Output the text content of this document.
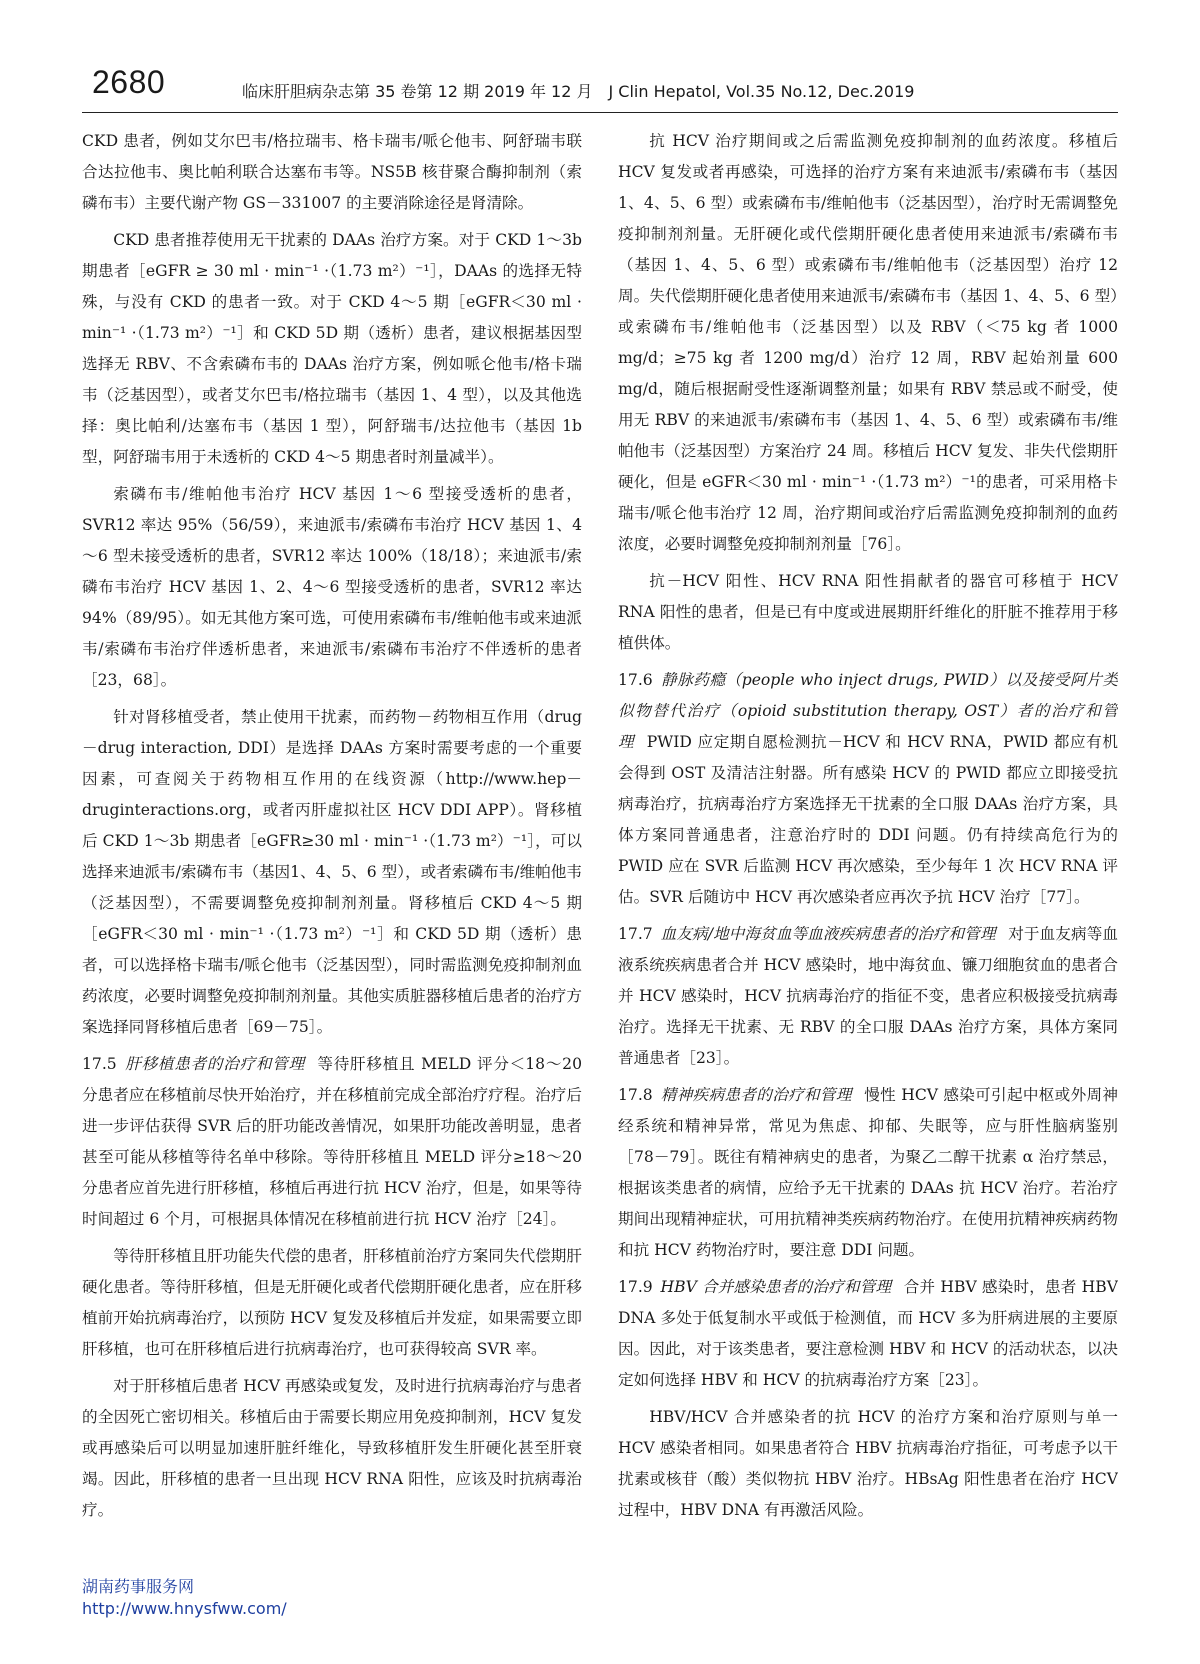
2680	临床肝胆病杂志第 35 卷第 12 期 2019 年 12 月　J Clin Hepatol, Vol.35 No.12, Dec.2019

CKD 患者，例如艾尔巴韦/格拉瑞韦、格卡瑞韦/哌仑他韦、阿舒瑞韦联合达拉他韦、奥比帕利联合达塞布韦等。NS5B 核苷聚合酶抑制剂（索磷布韦）主要代谢产物 GS－331007 的主要消除途径是肾清除。

CKD 患者推荐使用无干扰素的 DAAs 治疗方案。对于 CKD 1～3b期患者［eGFR ≥ 30 ml · min⁻¹ ·（1.73 m²）⁻¹］，DAAs 的选择无特殊，与没有 CKD 的患者一致。对于 CKD 4～5 期［eGFR＜30 ml · min⁻¹ ·（1.73 m²）⁻¹］和 CKD 5D 期（透析）患者，建议根据基因型选择无 RBV、不含索磷布韦的 DAAs 治疗方案，例如哌仑他韦/格卡瑞韦（泛基因型），或者艾尔巴韦/格拉瑞韦（基因 1、4 型），以及其他选择：奥比帕利/达塞布韦（基因 1 型），阿舒瑞韦/达拉他韦（基因 1b 型，阿舒瑞韦用于未透析的 CKD 4～5 期患者时剂量减半）。

索磷布韦/维帕他韦治疗 HCV 基因 1～6 型接受透析的患者，SVR12 率达 95%（56/59），来迪派韦/索磷布韦治疗 HCV 基因 1、4～6 型未接受透析的患者，SVR12 率达 100%（18/18）；来迪派韦/索磷布韦治疗 HCV 基因 1、2、4～6 型接受透析的患者，SVR12 率达 94%（89/95）。如无其他方案可选，可使用索磷布韦/维帕他韦或来迪派韦/索磷布韦治疗伴透析患者，来迪派韦/索磷布韦治疗不伴透析的患者［23，68］。

针对肾移植受者，禁止使用干扰素，而药物－药物相互作用（drug－drug interaction, DDI）是选择 DAAs 方案时需要考虑的一个重要因素，可查阅关于药物相互作用的在线资源（http://www.hep－druginteractions.org，或者丙肝虚拟社区 HCV DDI APP）。肾移植后 CKD 1～3b 期患者［eGFR≥30 ml · min⁻¹ ·（1.73 m²）⁻¹］，可以选择来迪派韦/索磷布韦（基因1、4、5、6 型），或者索磷布韦/维帕他韦（泛基因型），不需要调整免疫抑制剂剂量。肾移植后 CKD 4～5 期［eGFR＜30 ml · min⁻¹ ·（1.73 m²）⁻¹］和 CKD 5D 期（透析）患者，可以选择格卡瑞韦/哌仑他韦（泛基因型），同时需监测免疫抑制剂血药浓度，必要时调整免疫抑制剂剂量。其他实质脏器移植后患者的治疗方案选择同肾移植后患者［69－75］。

17.5  肝移植患者的治疗和管理 等待肝移植且 MELD 评分＜18～20 分患者应在移植前尽快开始治疗，并在移植前完成全部治疗疗程。治疗后进一步评估获得 SVR 后的肝功能改善情况，如果肝功能改善明显，患者甚至可能从移植等待名单中移除。等待肝移植且 MELD 评分≥18～20 分患者应首先进行肝移植，移植后再进行抗 HCV 治疗，但是，如果等待时间超过 6 个月，可根据具体情况在移植前进行抗 HCV 治疗［24］。

等待肝移植且肝功能失代偿的患者，肝移植前治疗方案同失代偿期肝硬化患者。等待肝移植，但是无肝硬化或者代偿期肝硬化患者，应在肝移植前开始抗病毒治疗，以预防 HCV 复发及移植后并发症，如果需要立即肝移植，也可在肝移植后进行抗病毒治疗，也可获得较高 SVR 率。

对于肝移植后患者 HCV 再感染或复发，及时进行抗病毒治疗与患者的全因死亡密切相关。移植后由于需要长期应用免疫抑制剂，HCV 复发或再感染后可以明显加速肝脏纤维化，导致移植肝发生肝硬化甚至肝衰竭。因此，肝移植的患者一旦出现 HCV RNA 阳性，应该及时抗病毒治疗。

抗 HCV 治疗期间或之后需监测免疫抑制剂的血药浓度。移植后 HCV 复发或者再感染，可选择的治疗方案有来迪派韦/索磷布韦（基因 1、4、5、6 型）或索磷布韦/维帕他韦（泛基因型），治疗时无需调整免疫抑制剂剂量。无肝硬化或代偿期肝硬化患者使用来迪派韦/索磷布韦（基因 1、4、5、6 型）或索磷布韦/维帕他韦（泛基因型）治疗 12 周。失代偿期肝硬化患者使用来迪派韦/索磷布韦（基因 1、4、5、6 型）或索磷布韦/维帕他韦（泛基因型）以及 RBV（＜75 kg 者 1000 mg/d；≥75 kg 者 1200 mg/d）治疗 12 周，RBV 起始剂量 600 mg/d，随后根据耐受性逐渐调整剂量；如果有 RBV 禁忌或不耐受，使用无 RBV 的来迪派韦/索磷布韦（基因 1、4、5、6 型）或索磷布韦/维帕他韦（泛基因型）方案治疗 24 周。移植后 HCV 复发、非失代偿期肝硬化，但是 eGFR＜30 ml · min⁻¹ ·（1.73 m²）⁻¹的患者，可采用格卡瑞韦/哌仑他韦治疗 12 周，治疗期间或治疗后需监测免疫抑制剂的血药浓度，必要时调整免疫抑制剂剂量［76］。

抗－HCV 阳性、HCV RNA 阳性捐献者的器官可移植于 HCV RNA 阳性的患者，但是已有中度或进展期肝纤维化的肝脏不推荐用于移植供体。

17.6  静脉药瘾（people who inject drugs, PWID）以及接受阿片类似物替代治疗（opioid substitution therapy, OST）者的治疗和管理 PWID 应定期自愿检测抗－HCV 和 HCV RNA，PWID 都应有机会得到 OST 及清洁注射器。所有感染 HCV 的 PWID 都应立即接受抗病毒治疗，抗病毒治疗方案选择无干扰素的全口服 DAAs 治疗方案，具体方案同普通患者，注意治疗时的 DDI 问题。仍有持续高危行为的 PWID 应在 SVR 后监测 HCV 再次感染，至少每年 1 次 HCV RNA 评估。SVR 后随访中 HCV 再次感染者应再次予抗 HCV 治疗［77］。

17.7  血友病/地中海贫血等血液疾病患者的治疗和管理 对于血友病等血液系统疾病患者合并 HCV 感染时，地中海贫血、镰刀细胞贫血的患者合并 HCV 感染时，HCV 抗病毒治疗的指征不变，患者应积极接受抗病毒治疗。选择无干扰素、无 RBV 的全口服 DAAs 治疗方案，具体方案同普通患者［23］。

17.8  精神疾病患者的治疗和管理 慢性 HCV 感染可引起中枢或外周神经系统和精神异常，常见为焦虑、抑郁、失眠等，应与肝性脑病鉴别［78－79］。既往有精神病史的患者，为聚乙二醇干扰素 α 治疗禁忌，根据该类患者的病情，应给予无干扰素的 DAAs 抗 HCV 治疗。若治疗期间出现精神症状，可用抗精神类疾病药物治疗。在使用抗精神疾病药物和抗 HCV 药物治疗时，要注意 DDI 问题。

17.9  HBV 合并感染患者的治疗和管理 合并 HBV 感染时，患者 HBV DNA 多处于低复制水平或低于检测值，而 HCV 多为肝病进展的主要原因。因此，对于该类患者，要注意检测 HBV 和 HCV 的活动状态，以决定如何选择 HBV 和 HCV 的抗病毒治疗方案［23］。

HBV/HCV 合并感染者的抗 HCV 的治疗方案和治疗原则与单一 HCV 感染者相同。如果患者符合 HBV 抗病毒治疗指征，可考虑予以干扰素或核苷（酸）类似物抗 HBV 治疗。HBsAg 阳性患者在治疗 HCV 过程中，HBV DNA 有再激活风险。

湖南药事服务网
http://www.hnysfww.com/
